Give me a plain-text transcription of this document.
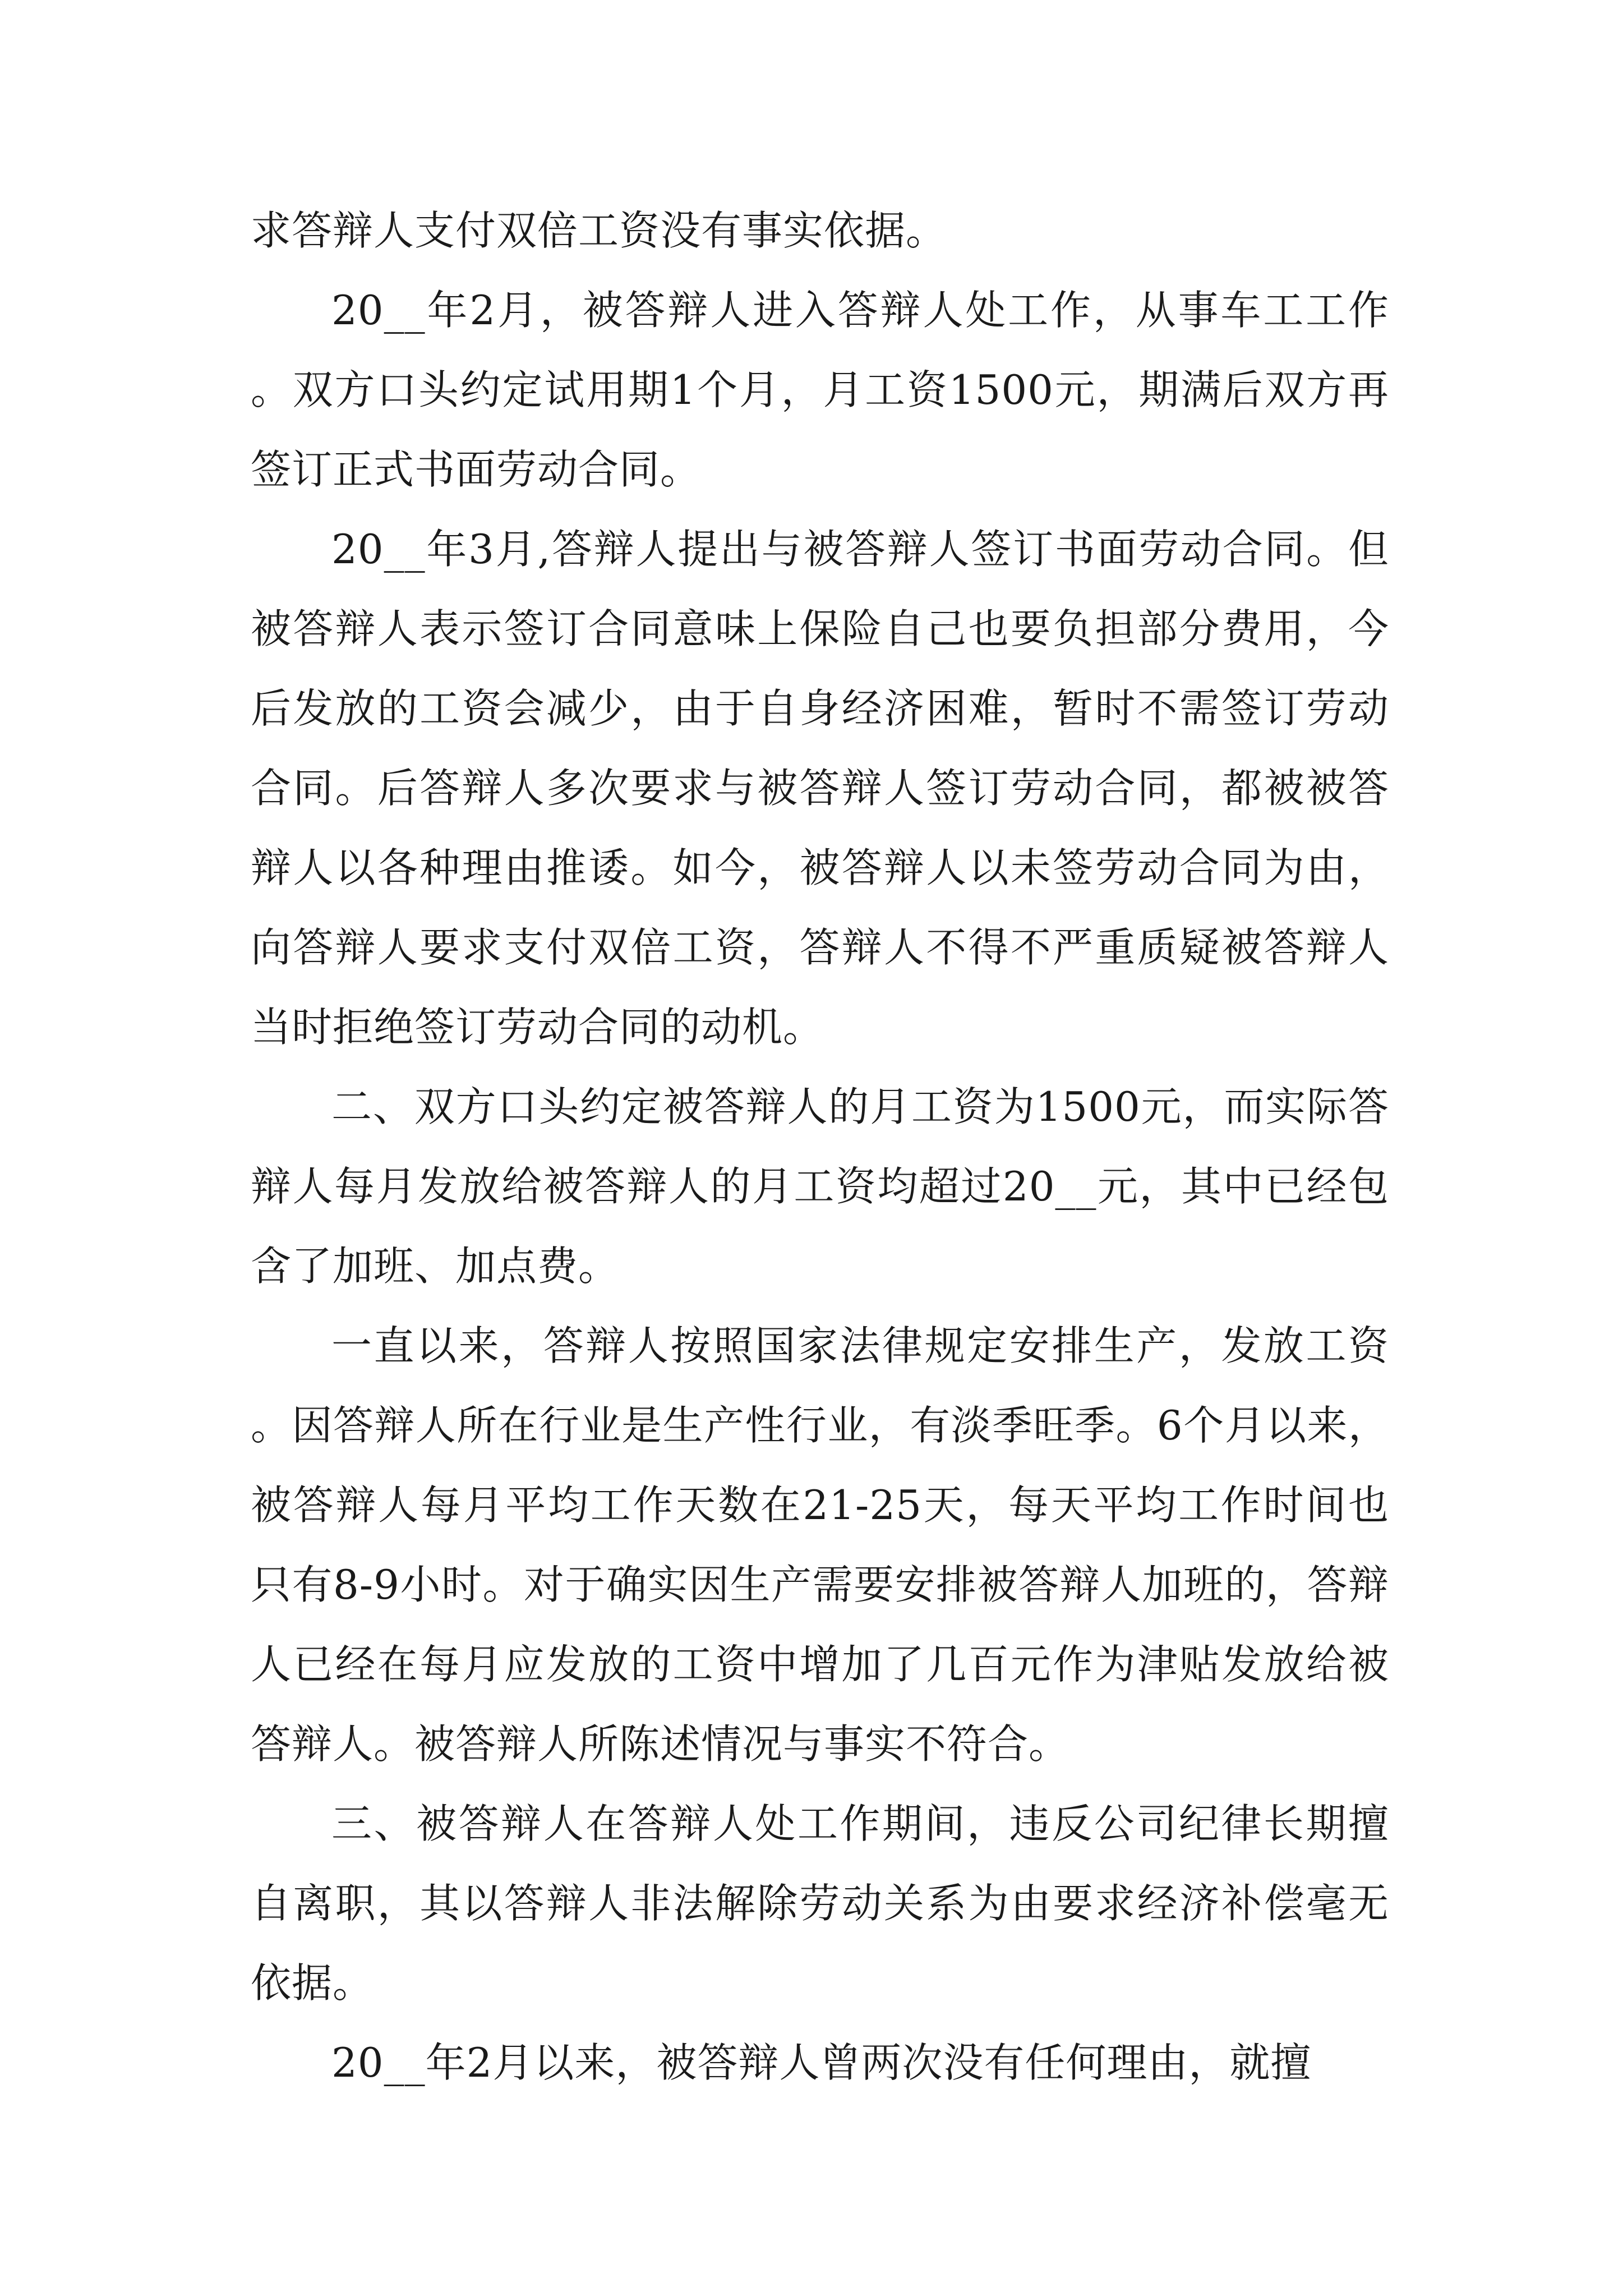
求答辩人支付双倍工资没有事实依据。

20__年2月，被答辩人进入答辩人处工作，从事车工工作。双方口头约定试用期1个月，月工资1500元，期满后双方再签订正式书面劳动合同。

20__年3月,答辩人提出与被答辩人签订书面劳动合同。但被答辩人表示签订合同意味上保险自己也要负担部分费用，今后发放的工资会减少，由于自身经济困难，暂时不需签订劳动合同。后答辩人多次要求与被答辩人签订劳动合同，都被被答辩人以各种理由推诿。如今，被答辩人以未签劳动合同为由，向答辩人要求支付双倍工资，答辩人不得不严重质疑被答辩人当时拒绝签订劳动合同的动机。

二、双方口头约定被答辩人的月工资为1500元，而实际答辩人每月发放给被答辩人的月工资均超过20__元，其中已经包含了加班、加点费。

一直以来，答辩人按照国家法律规定安排生产，发放工资。因答辩人所在行业是生产性行业，有淡季旺季。6个月以来，被答辩人每月平均工作天数在21-25天，每天平均工作时间也只有8-9小时。对于确实因生产需要安排被答辩人加班的，答辩人已经在每月应发放的工资中增加了几百元作为津贴发放给被答辩人。被答辩人所陈述情况与事实不符合。

三、被答辩人在答辩人处工作期间，违反公司纪律长期擅自离职，其以答辩人非法解除劳动关系为由要求经济补偿毫无依据。

20__年2月以来，被答辩人曾两次没有任何理由，就擅
